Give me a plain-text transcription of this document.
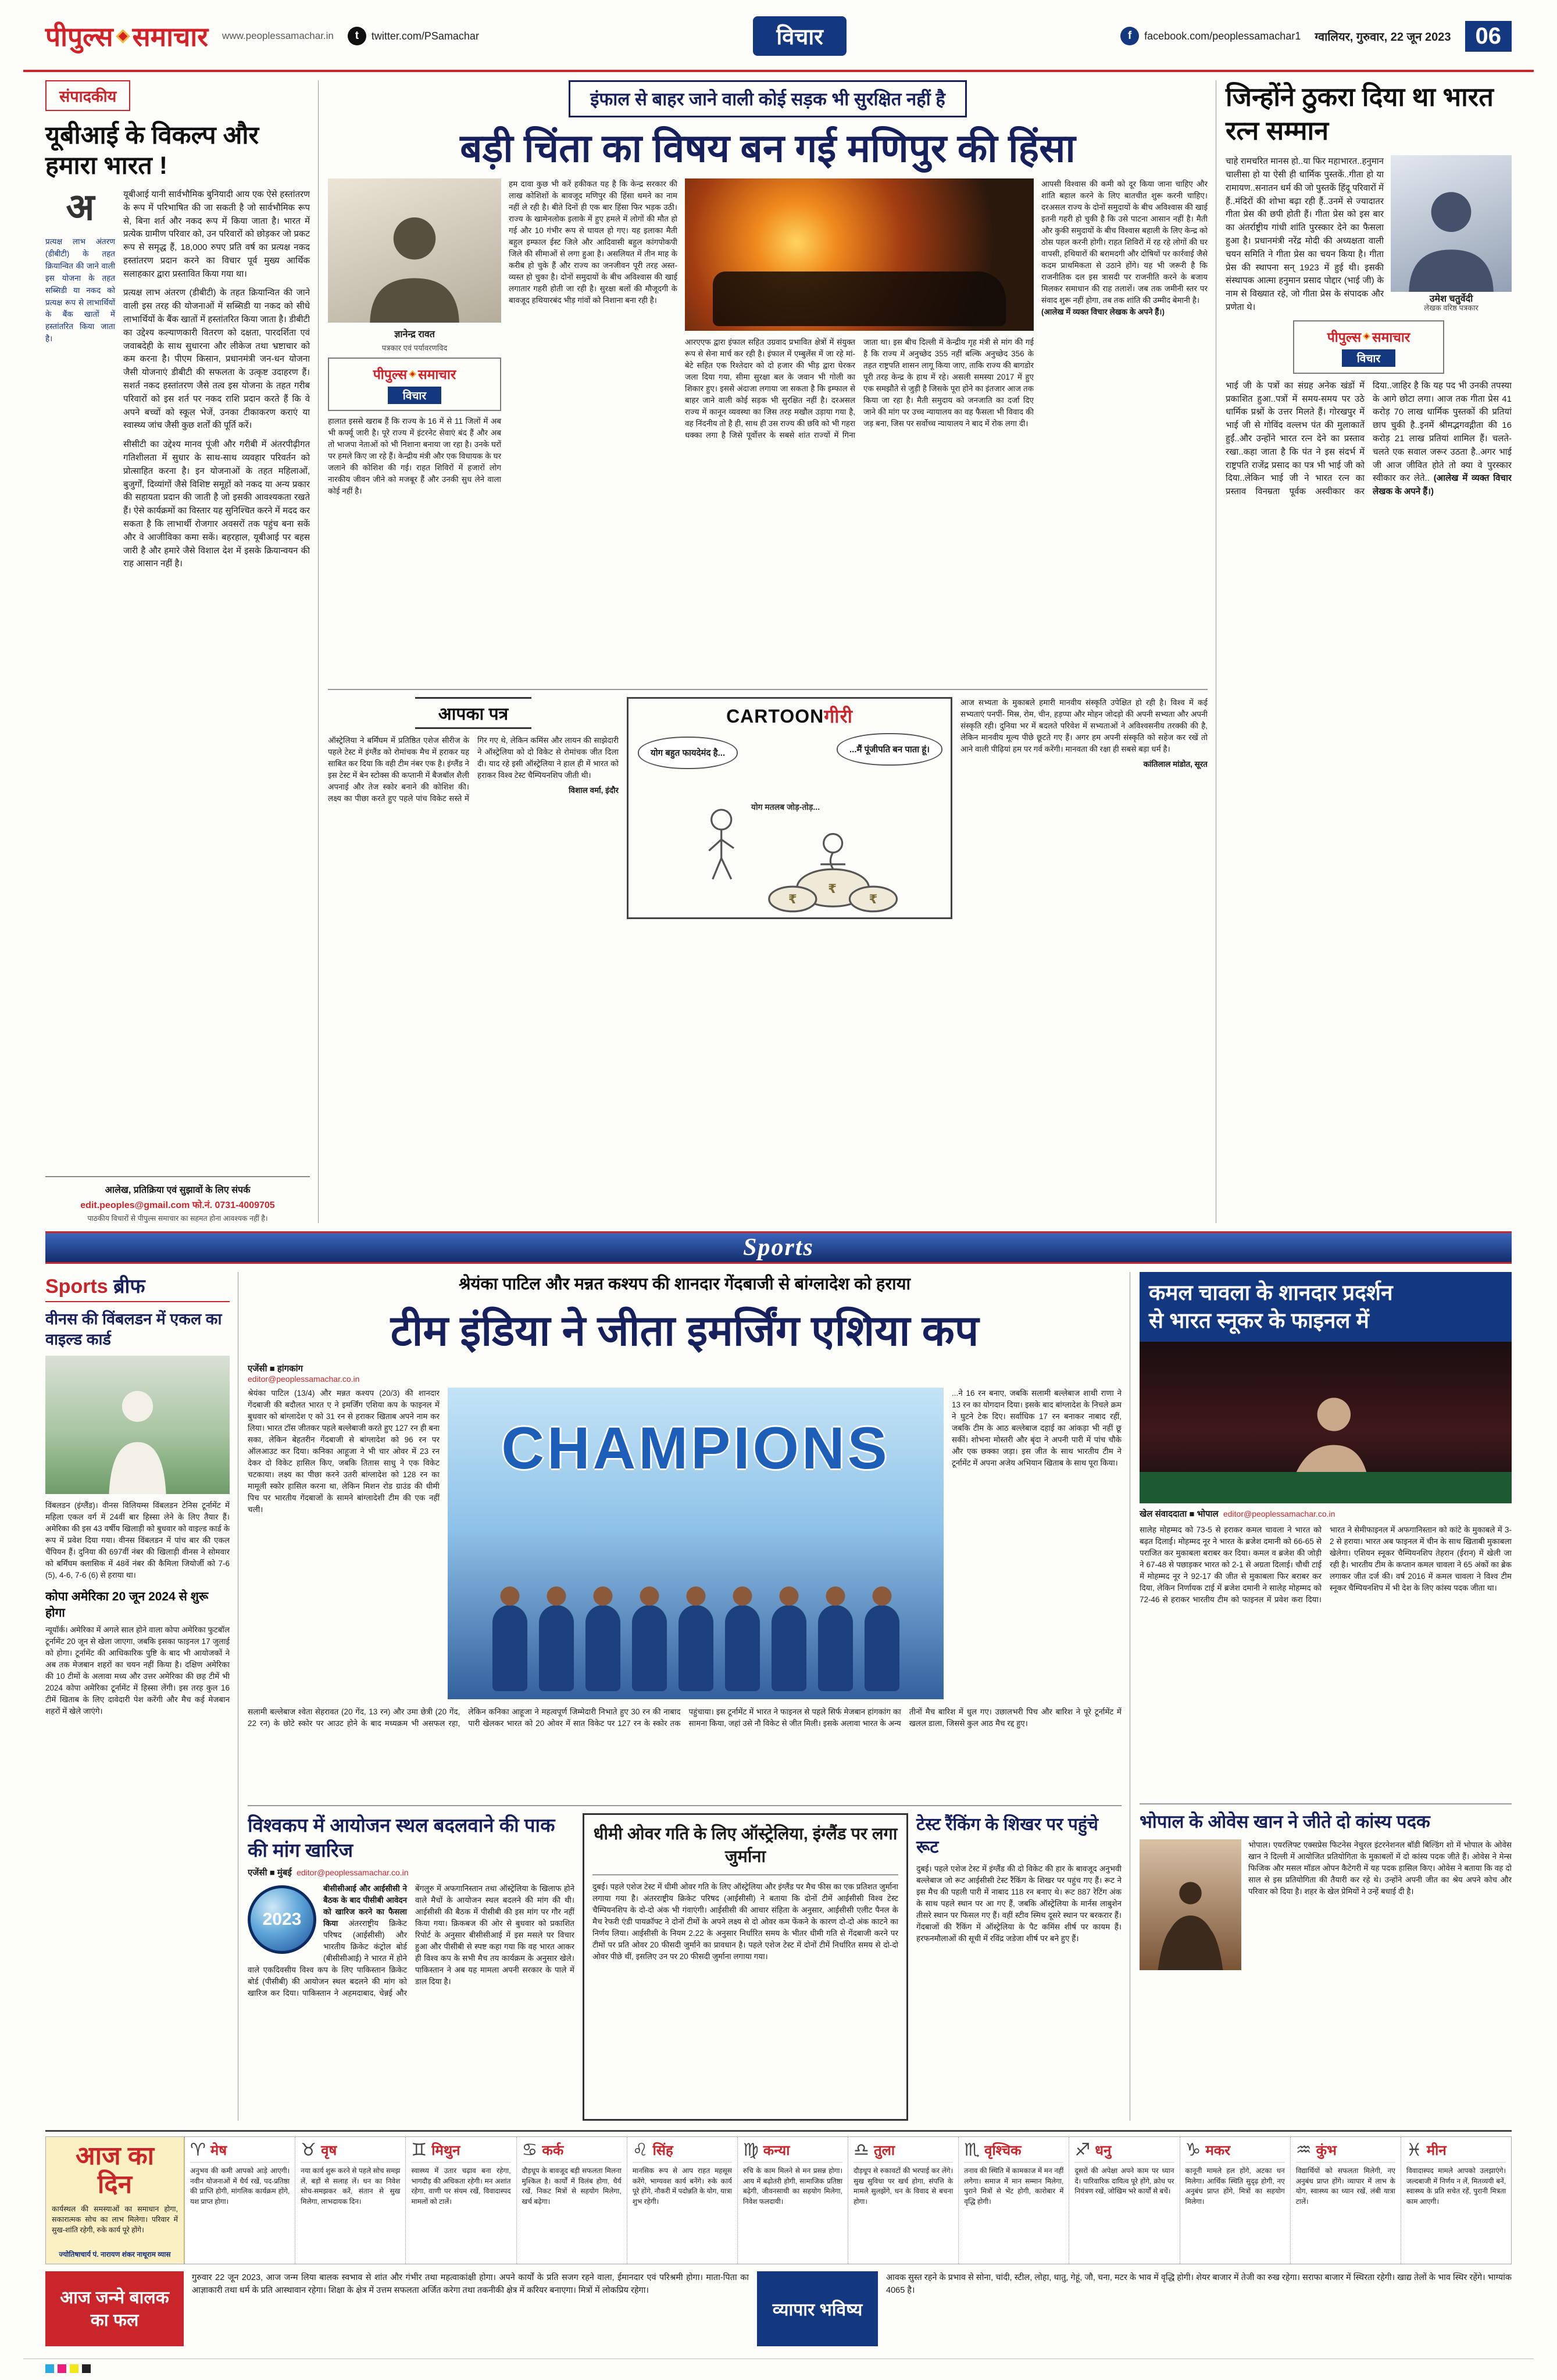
पीपुल्स समाचार www.peoplessamachar.in	t	twitter.com/PSamachar	विचार	f	facebook.com/peoplessamachar1 ग्वालियर, गुरुवार, 22 जून 2023	06
संपादकीय
यूबीआई के विकल्प और हमारा भारत !
अ
प्रत्यक्ष लाभ अंतरण (डीबीटी) के तहत क्रियान्वित की जाने वाली इस योजना के तहत सब्सिडी या नकद को प्रत्यक्ष रूप से लाभार्थियों के बैंक खातों में हस्तांतरित किया जाता है।

यूबीआई यानी सार्वभौमिक बुनियादी आय एक ऐसे हस्तांतरण के रूप में परिभाषित की जा सकती है जो सार्वभौमिक रूप से, बिना शर्त और नकद रूप में किया जाता है। भारत में प्रत्येक ग्रामीण परिवार को, उन परिवारों को छोड़कर जो प्रकट रूप से समृद्ध हैं, 18,000 रुपए प्रति वर्ष का प्रत्यक्ष नकद हस्तांतरण प्रदान करने का विचार पूर्व मुख्य आर्थिक सलाहकार द्वारा प्रस्तावित किया गया था।

प्रत्यक्ष लाभ अंतरण (डीबीटी) के तहत क्रियान्वित की जाने वाली इस तरह की योजनाओं में सब्सिडी या नकद को सीधे लाभार्थियों के बैंक खातों में हस्तांतरित किया जाता है। डीबीटी का उद्देश्य कल्याणकारी वितरण को दक्षता, पारदर्शिता एवं जवाबदेही के साथ सुधारना और लीकेज तथा भ्रष्टाचार को कम करना है। पीएम किसान, प्रधानमंत्री जन-धन योजना जैसी योजनाएं डीबीटी की सफलता के उत्कृष्ट उदाहरण हैं। सशर्त नकद हस्तांतरण जैसे तत्व इस योजना के तहत गरीब परिवारों को इस शर्त पर नकद राशि प्रदान करते हैं कि वे अपने बच्चों को स्कूल भेजें, उनका टीकाकरण कराएं या स्वास्थ्य जांच जैसी कुछ शर्तों की पूर्ति करें।

सीसीटी का उद्देश्य मानव पूंजी और गरीबी में अंतरपीढ़ीगत गतिशीलता में सुधार के साथ-साथ व्यवहार परिवर्तन को प्रोत्साहित करना है। इन योजनाओं के तहत महिलाओं, बुजुर्गों, दिव्यांगों जैसे विशिष्ट समूहों को नकद या अन्य प्रकार की सहायता प्रदान की जाती है जो इसकी आवश्यकता रखते हैं। ऐसे कार्यक्रमों का विस्तार यह सुनिश्चित करने में मदद कर सकता है कि लाभार्थी रोजगार अवसरों तक पहुंच बना सकें और वे आजीविका कमा सकें। बहरहाल, यूबीआई पर बहस जारी है और हमारे जैसे विशाल देश में इसके क्रियान्वयन की राह आसान नहीं है।

आलेख, प्रतिक्रिया एवं सुझावों के लिए संपर्क
edit.peoples@gmail.com फो.नं. 0731-4009705
पाठकीय विचारों से पीपुल्स समाचार का सहमत होना आवश्यक नहीं है।
इंफाल से बाहर जाने वाली कोई सड़क भी सुरक्षित नहीं है
बड़ी चिंता का विषय बन गई मणिपुर की हिंसा
ज्ञानेन्द्र रावत
पत्रकार एवं पर्यावरणविद
पीपुल्स समाचार
विचार

हालात इससे खराब हैं कि राज्य के 16 में से 11 जिलों में अब भी कर्फ्यू जारी है। पूरे राज्य में इंटरनेट सेवाएं बंद हैं और अब तो भाजपा नेताओं को भी निशाना बनाया जा रहा है। उनके घरों पर हमले किए जा रहे हैं। केन्द्रीय मंत्री और एक विधायक के घर जलाने की कोशिश की गई। राहत शिविरों में हजारों लोग नारकीय जीवन जीने को मजबूर हैं और उनकी सुध लेने वाला कोई नहीं है।

हम दावा कुछ भी करें हकीकत यह है कि केन्द्र सरकार की लाख कोशिशों के बावजूद मणिपुर की हिंसा थमने का नाम नहीं ले रही है। बीते दिनों ही एक बार हिंसा फिर भड़क उठी। राज्य के खामेनलोक इलाके में हुए हमले में लोगों की मौत हो गई और 10 गंभीर रूप से घायल हो गए। यह इलाका मैती बहुल इम्फाल ईस्ट जिले और आदिवासी बहुल कांगपोकपी जिले की सीमाओं से लगा हुआ है। असलियत में तीन माह के करीब हो चुके हैं और राज्य का जनजीवन पूरी तरह अस्त-व्यस्त हो चुका है। दोनों समुदायों के बीच अविश्वास की खाई लगातार गहरी होती जा रही है। सुरक्षा बलों की मौजूदगी के बावजूद हथियारबंद भीड़ गांवों को निशाना बना रही है।
आरएएफ द्वारा इंफाल सहित उग्रवाद प्रभावित क्षेत्रों में संयुक्त रूप से सेना मार्च कर रही है। इंफाल में एम्बुलेंस में जा रहे मां-बेटे सहित एक रिश्तेदार को दो हजार की भीड़ द्वारा घेरकर जला दिया गया, सीमा सुरक्षा बल के जवान भी गोली का शिकार हुए। इससे अंदाजा लगाया जा सकता है कि इम्फाल से बाहर जाने वाली कोई सड़क भी सुरक्षित नहीं है। दरअसल राज्य में कानून व्यवस्था का जिस तरह मखौल उड़ाया गया है, वह निंदनीय तो है ही, साथ ही उस राज्य की छवि को भी गहरा धक्का लगा है जिसे पूर्वोत्तर के सबसे शांत राज्यों में गिना जाता था। इस बीच दिल्ली में केन्द्रीय गृह मंत्री से मांग की गई है कि राज्य में अनुच्छेद 355 नहीं बल्कि अनुच्छेद 356 के तहत राष्ट्रपति शासन लागू किया जाए, ताकि राज्य की बागडोर पूरी तरह केन्द्र के हाथ में रहे। असली समस्या 2017 में हुए एक समझौते से जुड़ी है जिसके पूरा होने का इंतजार आज तक किया जा रहा है। मैती समुदाय को जनजाति का दर्जा दिए जाने की मांग पर उच्च न्यायालय का वह फैसला भी विवाद की जड़ बना, जिस पर सर्वोच्च न्यायालय ने बाद में रोक लगा दी।

आपसी विश्वास की कमी को दूर किया जाना चाहिए और शांति बहाल करने के लिए बातचीत शुरू करनी चाहिए। दरअसल राज्य के दोनों समुदायों के बीच अविश्वास की खाई इतनी गहरी हो चुकी है कि उसे पाटना आसान नहीं है। मैती और कुकी समुदायों के बीच विश्वास बहाली के लिए केन्द्र को ठोस पहल करनी होगी। राहत शिविरों में रह रहे लोगों की घर वापसी, हथियारों की बरामदगी और दोषियों पर कार्रवाई जैसे कदम प्राथमिकता से उठाने होंगे। यह भी जरूरी है कि राजनीतिक दल इस त्रासदी पर राजनीति करने के बजाय मिलकर समाधान की राह तलाशें। जब तक जमीनी स्तर पर संवाद शुरू नहीं होगा, तब तक शांति की उम्मीद बेमानी है।

(आलेख में व्यक्त विचार लेखक के अपने हैं।)

आपका पत्र
ऑस्ट्रेलिया ने बर्मिंघम में प्रतिष्ठित एशेज सीरीज के पहले टेस्ट में इंग्लैंड को रोमांचक मैच में हराकर यह साबित कर दिया कि वही टीम नंबर एक है। इंग्लैंड ने इस टेस्ट में बेन स्टोक्स की कप्तानी में बैजबॉल शैली अपनाई और तेज स्कोर बनाने की कोशिश की। लक्ष्य का पीछा करते हुए पहले पांच विकेट सस्ते में गिर गए थे, लेकिन कमिंस और लायन की साझेदारी ने ऑस्ट्रेलिया को दो विकेट से रोमांचक जीत दिला दी। याद रहे इसी ऑस्ट्रेलिया ने हाल ही में भारत को हराकर विश्व टेस्ट चैम्पियनशिप जीती थी।
विशाल वर्मा, इंदौर
CARTOONगीरी
योग बहुत फायदेमंद है...	...मैं पूंजीपति बन पाता हूं।
योग मतलब जोड़-तोड़...
₹
₹	₹
आज सभ्यता के मुकाबले हमारी मानवीय संस्कृति उपेक्षित हो रही है। विश्व में कई सभ्यताएं पनपीं- मिस्र, रोम, चीन, हड़प्पा और मोहन जोदड़ो की अपनी सभ्यता और अपनी संस्कृति रही। दुनिया भर में बदलते परिवेश में सभ्यताओं ने अविश्वसनीय तरक्की की है, लेकिन मानवीय मूल्य पीछे छूटते गए हैं। अगर हम अपनी संस्कृति को सहेज कर रखें तो आने वाली पीढ़ियां हम पर गर्व करेंगी। मानवता की रक्षा ही सबसे बड़ा धर्म है।
कांतिलाल मांडोत, सूरत
जिन्होंने ठुकरा दिया था भारत रत्न सम्मान
चाहे रामचरित मानस हो..या फिर महाभारत..हनुमान चालीसा हो या ऐसी ही धार्मिक पुस्तकें..गीता हो या रामायण..सनातन धर्म की जो पुस्तकें हिंदू परिवारों में हैं..मंदिरों की शोभा बढ़ा रही हैं..उनमें से ज्यादातर गीता प्रेस की छपी होती हैं। गीता प्रेस को इस बार का अंतर्राष्ट्रीय गांधी शांति पुरस्कार देने का फैसला हुआ है। प्रधानमंत्री नरेंद्र मोदी की अध्यक्षता वाली चयन समिति ने गीता प्रेस का चयन किया है। गीता प्रेस की स्थापना सन् 1923 में हुई थी। इसकी संस्थापक आत्मा हनुमान प्रसाद पोद्दार (भाई जी) के नाम से विख्यात रहे, जो गीता प्रेस के संपादक और प्रणेता थे।
उमेश चतुर्वेदी
लेखक वरिष्ठ पत्रकार
पीपुल्स समाचार
विचार
भाई जी के पत्रों का संग्रह अनेक खंडों में प्रकाशित हुआ..पत्रों में समय-समय पर उठे धार्मिक प्रश्नों के उत्तर मिलते हैं। गोरखपुर में भाई जी से गोविंद वल्लभ पंत की मुलाकातें हुईं..और उन्होंने भारत रत्न देने का प्रस्ताव रखा..कहा जाता है कि पंत ने इस संदर्भ में राष्ट्रपति राजेंद्र प्रसाद का पत्र भी भाई जी को दिया..लेकिन भाई जी ने भारत रत्न का प्रस्ताव विनम्रता पूर्वक अस्वीकार कर दिया..जाहिर है कि यह पद भी उनकी तपस्या के आगे छोटा लगा। आज तक गीता प्रेस 41 करोड़ 70 लाख धार्मिक पुस्तकों की प्रतियां छाप चुकी है..इनमें श्रीमद्भगवद्गीता की 16 करोड़ 21 लाख प्रतियां शामिल हैं। चलते-चलते एक सवाल जरूर उठता है..अगर भाई जी आज जीवित होते तो क्या वे पुरस्कार स्वीकार कर लेते.. (आलेख में व्यक्त विचार लेखक के अपने हैं।)
Sports
Sports ब्रीफ
वीनस की विंबलडन में एकल का वाइल्ड कार्ड

विंबलडन (इंग्लैंड)। वीनस विलियम्स विंबलडन टेनिस टूर्नामेंट में महिला एकल वर्ग में 24वीं बार हिस्सा लेने के लिए तैयार हैं। अमेरिका की इस 43 वर्षीय खिलाड़ी को बुधवार को वाइल्ड कार्ड के रूप में प्रवेश दिया गया। वीनस विंबलडन में पांच बार की एकल चैंपियन हैं। दुनिया की 697वीं नंबर की खिलाड़ी वीनस ने सोमवार को बर्मिंघम क्लासिक में 48वें नंबर की कैमिला जियोर्जी को 7-6 (5), 4-6, 7-6 (6) से हराया था।

कोपा अमेरिका 20 जून 2024 से शुरू होगा

न्यूयॉर्क। अमेरिका में अगले साल होने वाला कोपा अमेरिका फुटबॉल टूर्नामेंट 20 जून से खेला जाएगा, जबकि इसका फाइनल 17 जुलाई को होगा। टूर्नामेंट की आधिकारिक पुष्टि के बाद भी आयोजकों ने अब तक मेजबान शहरों का चयन नहीं किया है। दक्षिण अमेरिका की 10 टीमों के अलावा मध्य और उत्तर अमेरिका की छह टीमें भी 2024 कोपा अमेरिका टूर्नामेंट में हिस्सा लेंगी। इस तरह कुल 16 टीमें खिताब के लिए दावेदारी पेश करेंगी और मैच कई मेजबान शहरों में खेले जाएंगे।

श्रेयंका पाटिल और मन्नत कश्यप की शानदार गेंदबाजी से बांग्लादेश को हराया
टीम इंडिया ने जीता इमर्जिंग एशिया कप
एजेंसी ■ हांगकांग
editor@peoplessamachar.co.in
श्रेयंका पाटिल (13/4) और मन्नत कश्यप (20/3) की शानदार गेंदबाजी की बदौलत भारत ए ने इमर्जिंग एशिया कप के फाइनल में बुधवार को बांग्लादेश ए को 31 रन से हराकर खिताब अपने नाम कर लिया। भारत टॉस जीतकर पहले बल्लेबाजी करते हुए 127 रन ही बना सका, लेकिन बेहतरीन गेंदबाजी से बांग्लादेश को 96 रन पर ऑलआउट कर दिया। कनिका आहूजा ने भी चार ओवर में 23 रन देकर दो विकेट हासिल किए, जबकि तितास साधु ने एक विकेट चटकाया। लक्ष्य का पीछा करने उतरी बांग्लादेश को 128 रन का मामूली स्कोर हासिल करना था, लेकिन मिशन रोड ग्राउंड की धीमी पिच पर भारतीय गेंदबाजों के सामने बांग्लादेशी टीम की एक नहीं चली।
CHAMPIONS
...ने 16 रन बनाए, जबकि सलामी बल्लेबाज शाथी राणा ने 13 रन का योगदान दिया। इसके बाद बांग्लादेश के निचले क्रम ने घुटने टेक दिए। सर्वाधिक 17 रन बनाकर नाबाद रहीं, जबकि टीम के आठ बल्लेबाज दहाई का आंकड़ा भी नहीं छू सकीं। शोभना मोस्तरी और बृंदा ने अपनी पारी में पांच चौके और एक छक्का जड़ा। इस जीत के साथ भारतीय टीम ने टूर्नामेंट में अपना अजेय अभियान खिताब के साथ पूरा किया।
सलामी बल्लेबाज श्वेता सेहरावत (20 गेंद, 13 रन) और उमा छेत्री (20 गेंद, 22 रन) के छोटे स्कोर पर आउट होने के बाद मध्यक्रम भी असफल रहा, लेकिन कनिका आहूजा ने महत्वपूर्ण जिम्मेदारी निभाते हुए 30 रन की नाबाद पारी खेलकर भारत को 20 ओवर में सात विकेट पर 127 रन के स्कोर तक पहुंचाया। इस टूर्नामेंट में भारत ने फाइनल से पहले सिर्फ मेजबान हांगकांग का सामना किया, जहां उसे नौ विकेट से जीत मिली। इसके अलावा भारत के अन्य तीनों मैच बारिश में धुल गए। उछालभरी पिच और बारिश ने पूरे टूर्नामेंट में खलल डाला, जिससे कुल आठ मैच रद्द हुए।
विश्वकप में आयोजन स्थल बदलवाने की पाक की मांग खारिज
एजेंसी ■ मुंबई editor@peoplessamachar.co.in
2023
बीसीसीआई और आईसीसी ने बैठक के बाद पीसीबी आवेदन को खारिज करने का फैसला किया अंतरराष्ट्रीय क्रिकेट परिषद (आईसीसी) और भारतीय क्रिकेट कंट्रोल बोर्ड (बीसीसीआई) ने भारत में होने वाले एकदिवसीय विश्व कप के लिए पाकिस्तान क्रिकेट बोर्ड (पीसीबी) की आयोजन स्थल बदलने की मांग को खारिज कर दिया। पाकिस्तान ने अहमदाबाद, चेन्नई और बेंगलुरु में अफगानिस्तान तथा ऑस्ट्रेलिया के खिलाफ होने वाले मैचों के आयोजन स्थल बदलने की मांग की थी। आईसीसी की बैठक में पीसीबी की इस मांग पर गौर नहीं किया गया। क्रिकबज की ओर से बुधवार को प्रकाशित रिपोर्ट के अनुसार बीसीसीआई में इस मसले पर विचार हुआ और पीसीबी से स्पष्ट कहा गया कि वह भारत आकर ही विश्व कप के सभी मैच तय कार्यक्रम के अनुसार खेले। पाकिस्तान ने अब यह मामला अपनी सरकार के पाले में डाल दिया है।
धीमी ओवर गति के लिए ऑस्ट्रेलिया, इंग्लैंड पर लगा जुर्माना

दुबई। पहले एशेज टेस्ट में धीमी ओवर गति के लिए ऑस्ट्रेलिया और इंग्लैंड पर मैच फीस का एक प्रतिशत जुर्माना लगाया गया है। अंतरराष्ट्रीय क्रिकेट परिषद (आईसीसी) ने बताया कि दोनों टीमें आईसीसी विश्व टेस्ट चैम्पियनशिप के दो-दो अंक भी गंवाएंगी। आईसीसी की आचार संहिता के अनुसार, आईसीसी एलीट पैनल के मैच रेफरी एंडी पायक्रॉफ्ट ने दोनों टीमों के अपने लक्ष्य से दो ओवर कम फेंकने के कारण दो-दो अंक काटने का निर्णय लिया। आईसीसी के नियम 2.22 के अनुसार निर्धारित समय के भीतर धीमी गति से गेंदबाजी करने पर टीमों पर प्रति ओवर 20 फीसदी जुर्माने का प्रावधान है। पहले एशेज टेस्ट में दोनों टीमें निर्धारित समय से दो-दो ओवर पीछे थीं, इसलिए उन पर 20 फीसदी जुर्माना लगाया गया।

टेस्ट रैंकिंग के शिखर पर पहुंचे रूट

दुबई। पहले एशेज टेस्ट में इंग्लैंड की दो विकेट की हार के बावजूद अनुभवी बल्लेबाज जो रूट आईसीसी टेस्ट रैंकिंग के शिखर पर पहुंच गए हैं। रूट ने इस मैच की पहली पारी में नाबाद 118 रन बनाए थे। रूट 887 रेटिंग अंक के साथ पहले स्थान पर आ गए हैं, जबकि ऑस्ट्रेलिया के मार्नस लाबुशेन तीसरे स्थान पर फिसल गए हैं। वहीं स्टीव स्मिथ दूसरे स्थान पर बरकरार हैं। गेंदबाजों की रैंकिंग में ऑस्ट्रेलिया के पैट कमिंस शीर्ष पर कायम हैं। हरफनमौलाओं की सूची में रविंद्र जडेजा शीर्ष पर बने हुए हैं।

कमल चावला के शानदार प्रदर्शन
से भारत स्नूकर के फाइनल में
खेल संवाददाता ■ भोपाल editor@peoplessamachar.co.in
सालेह मोहम्मद को 73-5 से हराकर कमल चावला ने भारत को बढ़त दिलाई। मोहम्मद नूर ने भारत के ब्रजेश दमानी को 66-65 से पराजित कर मुकाबला बराबर कर दिया। कमल व ब्रजेश की जोड़ी ने 67-48 से पछाड़कर भारत को 2-1 से अग्रता दिलाई। चौथी टाई में मोहम्मद नूर ने 92-17 की जीत से मुकाबला फिर बराबर कर दिया, लेकिन निर्णायक टाई में ब्रजेश दमानी ने सालेह मोहम्मद को 72-46 से हराकर भारतीय टीम को फाइनल में प्रवेश करा दिया। भारत ने सेमीफाइनल में अफगानिस्तान को कांटे के मुकाबले में 3-2 से हराया। भारत अब फाइनल में चीन के साथ खिताबी मुकाबला खेलेगा। एशियन स्नूकर चैम्पियनशिप तेहरान (ईरान) में खेली जा रही है। भारतीय टीम के कप्तान कमल चावला ने 65 अंकों का ब्रेक लगाकर जीत दर्ज की। वर्ष 2016 में कमल चावला ने विश्व टीम स्नूकर चैम्पियनशिप में भी देश के लिए कांस्य पदक जीता था।
भोपाल के ओवेस खान ने जीते दो कांस्य पदक

भोपाल। एयरलिफ्ट एक्सप्रेस फिटनेस नेचुरल इंटरनेशनल बॉडी बिल्डिंग शो में भोपाल के ओवेस खान ने दिल्ली में आयोजित प्रतियोगिता के मुकाबलों में दो कांस्य पदक जीते हैं। ओवेस ने मेन्स फिजिक और मसल मॉडल ओपन कैटेगरी में यह पदक हासिल किए। ओवेस ने बताया कि वह दो साल से इस प्रतियोगिता की तैयारी कर रहे थे। उन्होंने अपनी जीत का श्रेय अपने कोच और परिवार को दिया है। शहर के खेल प्रेमियों ने उन्हें बधाई दी है।

आज का
दिन

कार्यस्थल की समस्याओं का समाधान होगा, सकारात्मक सोच का लाभ मिलेगा। परिवार में सुख-शांति रहेगी, रुके कार्य पूरे होंगे।

ज्योतिषाचार्य पं. नारायण शंकर नाथूराम व्यास
♈ मेष

अनुभव की कमी आपको आड़े आएगी। नवीन योजनाओं में धैर्य रखें, पद-प्रतिष्ठा की प्राप्ति होगी, मांगलिक कार्यक्रम होंगे, यश प्राप्त होगा।

♉ वृष

नया कार्य शुरू करने से पहले सोच समझ लें, बड़ों से सलाह लें। धन का निवेश सोच-समझकर करें, संतान से सुख मिलेगा, लाभदायक दिन।

♊ मिथुन

स्वास्थ्य में उतार चढ़ाव बना रहेगा, भागदौड़ की अधिकता रहेगी। मन अशांत रहेगा, वाणी पर संयम रखें, विवादास्पद मामलों को टालें।

♋ कर्क

दौड़धूप के बावजूद बड़ी सफलता मिलना मुश्किल है। कार्यों में विलंब होगा, धैर्य रखें, निकट मित्रों से सहयोग मिलेगा, खर्च बढ़ेगा।

♌ सिंह

मानसिक रूप से आप राहत महसूस करेंगे, भाग्यवश कार्य बनेंगे। रुके कार्य पूरे होंगे, नौकरी में पदोन्नति के योग, यात्रा शुभ रहेगी।

♍ कन्या

रुचि के काम मिलने से मन प्रसन्न होगा। आय में बढ़ोतरी होगी, सामाजिक प्रतिष्ठा बढ़ेगी, जीवनसाथी का सहयोग मिलेगा, निवेश फलदायी।

♎ तुला

दौड़धूप से रुकावटों की भरपाई कर लेंगे। सुख सुविधा पर खर्च होगा, संपत्ति के मामले सुलझेंगे, धन के विवाद से बचना होगा।

♏ वृश्चिक

तनाव की स्थिति में कामकाज में मन नहीं लगेगा। समाज में मान सम्मान मिलेगा, पुराने मित्रों से भेंट होगी, कारोबार में वृद्धि होगी।

♐ धनु

दूसरों की अपेक्षा अपने काम पर ध्यान दें। पारिवारिक दायित्व पूरे होंगे, क्रोध पर नियंत्रण रखें, जोखिम भरे कार्यों से बचें।

♑ मकर

कानूनी मामले हल होंगे, अटका धन मिलेगा। आर्थिक स्थिति सुदृढ़ होगी, नए अनुबंध प्राप्त होंगे, मित्रों का सहयोग मिलेगा।

♒ कुंभ

विद्यार्थियों को सफलता मिलेगी, नए अनुबंध प्राप्त होंगे। व्यापार में लाभ के योग, स्वास्थ्य का ध्यान रखें, लंबी यात्रा टालें।

♓ मीन

विवादास्पद मामले आपको उलझाएंगे। जल्दबाजी में निर्णय न लें, मितव्ययी बनें, स्वास्थ्य के प्रति सचेत रहें, पुरानी मित्रता काम आएगी।

आज जन्मे बालक का फल
गुरुवार 22 जून 2023, आज जन्म लिया बालक स्वभाव से शांत और गंभीर तथा महत्वाकांक्षी होगा। अपने कार्यों के प्रति सजग रहने वाला, ईमानदार एवं परिश्रमी होगा। माता-पिता का आज्ञाकारी तथा धर्म के प्रति आस्थावान रहेगा। शिक्षा के क्षेत्र में उत्तम सफलता अर्जित करेगा तथा तकनीकी क्षेत्र में करियर बनाएगा। मित्रों में लोकप्रिय रहेगा।
व्यापार भविष्य
आवक सुस्त रहने के प्रभाव से सोना, चांदी, स्टील, लोहा, धातु, गेहूं, जौ, चना, मटर के भाव में वृद्धि होगी। शेयर बाजार में तेजी का रुख रहेगा। सराफा बाजार में स्थिरता रहेगी। खाद्य तेलों के भाव स्थिर रहेंगे। भाग्यांक 4065 है।
